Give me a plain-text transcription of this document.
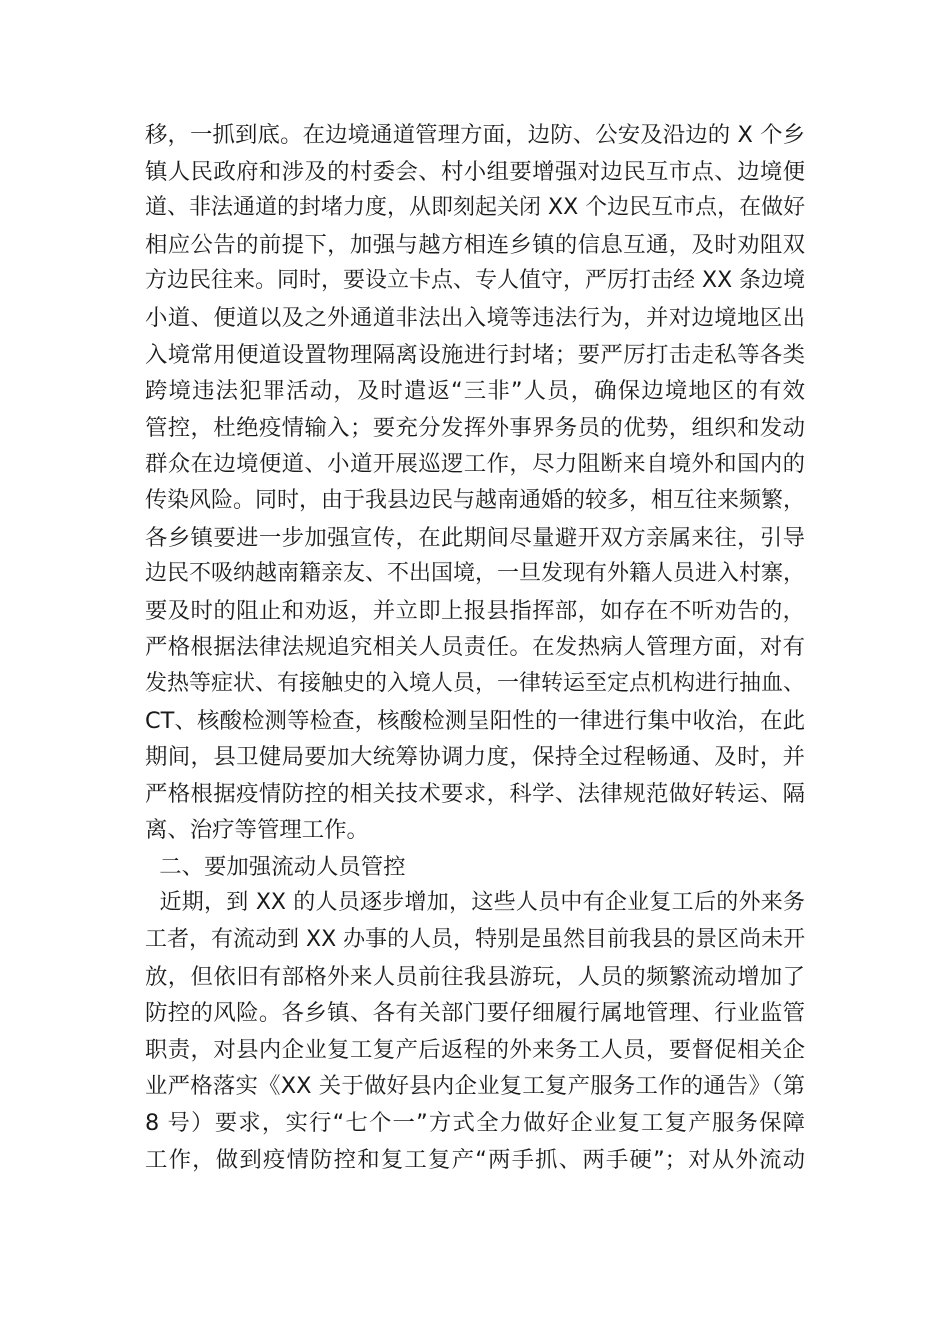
移，一抓到底。在边境通道管理方面，边防、公安及沿边的 X 个乡
镇人民政府和涉及的村委会、村小组要增强对边民互市点、边境便
道、非法通道的封堵力度，从即刻起关闭 XX 个边民互市点，在做好
相应公告的前提下，加强与越方相连乡镇的信息互通，及时劝阻双
方边民往来。同时，要设立卡点、专人值守，严厉打击经 XX 条边境
小道、便道以及之外通道非法出入境等违法行为，并对边境地区出
入境常用便道设置物理隔离设施进行封堵；要严厉打击走私等各类
跨境违法犯罪活动，及时遣返“三非”人员，确保边境地区的有效
管控，杜绝疫情输入；要充分发挥外事界务员的优势，组织和发动
群众在边境便道、小道开展巡逻工作，尽力阻断来自境外和国内的
传染风险。同时，由于我县边民与越南通婚的较多，相互往来频繁，
各乡镇要进一步加强宣传，在此期间尽量避开双方亲属来往，引导
边民不吸纳越南籍亲友、不出国境，一旦发现有外籍人员进入村寨，
要及时的阻止和劝返，并立即上报县指挥部，如存在不听劝告的，
严格根据法律法规追究相关人员责任。在发热病人管理方面，对有
发热等症状、有接触史的入境人员，一律转运至定点机构进行抽血、
CT、核酸检测等检查，核酸检测呈阳性的一律进行集中收治，在此
期间，县卫健局要加大统筹协调力度，保持全过程畅通、及时，并
严格根据疫情防控的相关技术要求，科学、法律规范做好转运、隔
离、治疗等管理工作。
二、要加强流动人员管控
近期，到 XX 的人员逐步增加，这些人员中有企业复工后的外来务
工者，有流动到 XX 办事的人员，特别是虽然目前我县的景区尚未开
放，但依旧有部格外来人员前往我县游玩，人员的频繁流动增加了
防控的风险。各乡镇、各有关部门要仔细履行属地管理、行业监管
职责，对县内企业复工复产后返程的外来务工人员，要督促相关企
业严格落实《XX 关于做好县内企业复工复产服务工作的通告》（第
8 号）要求，实行“七个一”方式全力做好企业复工复产服务保障
工作，做到疫情防控和复工复产“两手抓、两手硬”；对从外流动
